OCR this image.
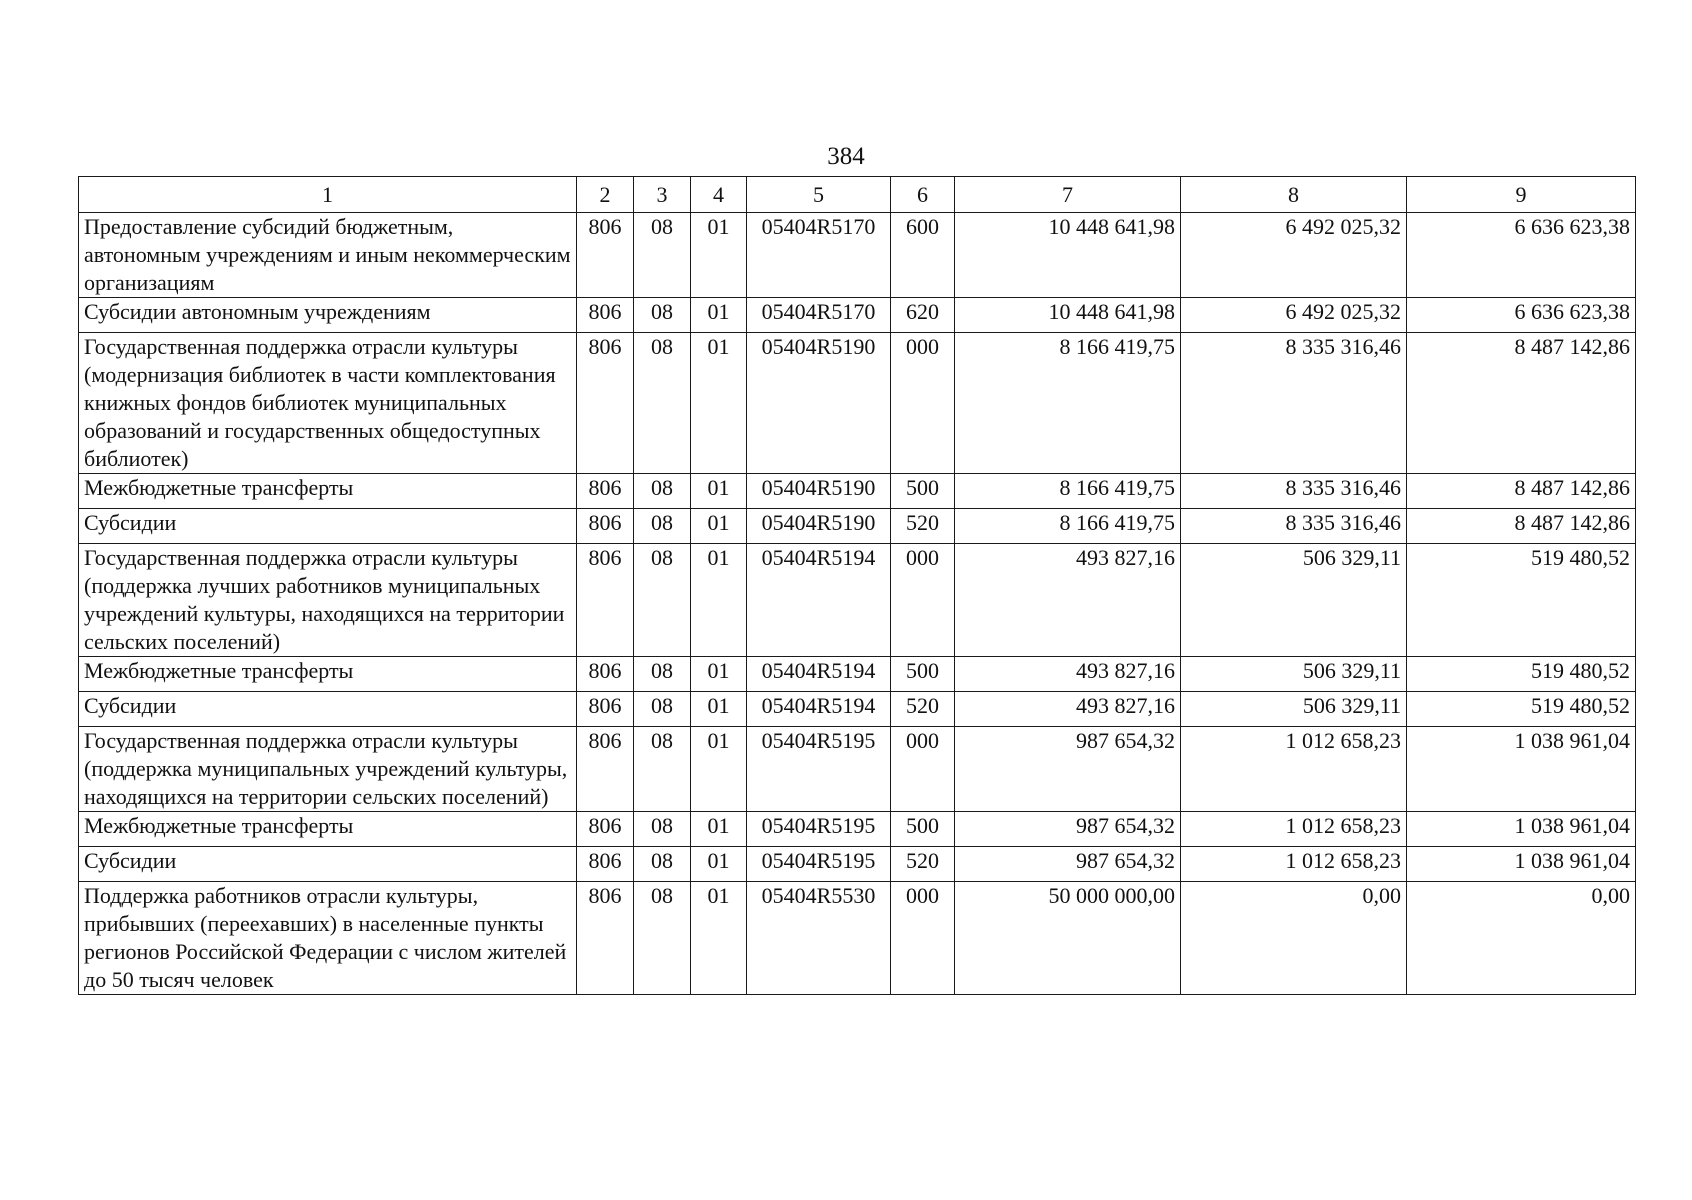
384
1	2	3	4	5	6	7	8	9
Предоставление субсидий бюджетным, автономным учреждениям и иным некоммерческим организациям	806	08	01	05404R5170	600	10 448 641,98	6 492 025,32	6 636 623,38
Субсидии автономным учреждениям	806	08	01	05404R5170	620	10 448 641,98	6 492 025,32	6 636 623,38
Государственная поддержка отрасли культуры (модернизация библиотек в части комплектования книжных фондов библиотек муниципальных образований и государственных общедоступных библиотек)	806	08	01	05404R5190	000	8 166 419,75	8 335 316,46	8 487 142,86
Межбюджетные трансферты	806	08	01	05404R5190	500	8 166 419,75	8 335 316,46	8 487 142,86
Субсидии	806	08	01	05404R5190	520	8 166 419,75	8 335 316,46	8 487 142,86
Государственная поддержка отрасли культуры (поддержка лучших работников муниципальных учреждений культуры, находящихся на территории сельских поселений)	806	08	01	05404R5194	000	493 827,16	506 329,11	519 480,52
Межбюджетные трансферты	806	08	01	05404R5194	500	493 827,16	506 329,11	519 480,52
Субсидии	806	08	01	05404R5194	520	493 827,16	506 329,11	519 480,52
Государственная поддержка отрасли культуры (поддержка муниципальных учреждений культуры, находящихся на территории сельских поселений)	806	08	01	05404R5195	000	987 654,32	1 012 658,23	1 038 961,04
Межбюджетные трансферты	806	08	01	05404R5195	500	987 654,32	1 012 658,23	1 038 961,04
Субсидии	806	08	01	05404R5195	520	987 654,32	1 012 658,23	1 038 961,04
Поддержка работников отрасли культуры, прибывших (переехавших) в населенные пункты регионов Российской Федерации с числом жителей до 50 тысяч человек	806	08	01	05404R5530	000	50 000 000,00	0,00	0,00
